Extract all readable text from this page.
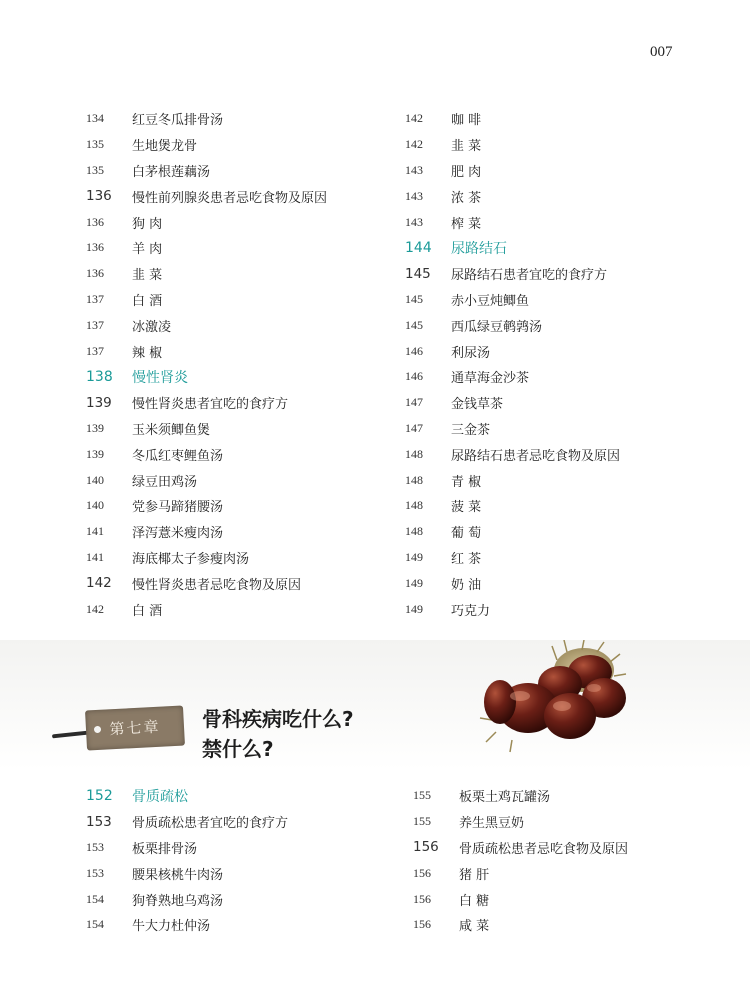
007
134	红豆冬瓜排骨汤
135	生地煲龙骨
135	白茅根莲藕汤
136	慢性前列腺炎患者忌吃食物及原因
136	狗 肉
136	羊 肉
136	韭 菜
137	白 酒
137	冰激凌
137	辣 椒
138	慢性肾炎
139	慢性肾炎患者宜吃的食疗方
139	玉米须鲫鱼煲
139	冬瓜红枣鲤鱼汤
140	绿豆田鸡汤
140	党参马蹄猪腰汤
141	泽泻薏米瘦肉汤
141	海底椰太子参瘦肉汤
142	慢性肾炎患者忌吃食物及原因
142	白 酒
142	咖 啡
142	韭 菜
143	肥 肉
143	浓 茶
143	榨 菜
144	尿路结石
145	尿路结石患者宜吃的食疗方
145	赤小豆炖鲫鱼
145	西瓜绿豆鹌鹑汤
146	利尿汤
146	通草海金沙茶
147	金钱草茶
147	三金茶
148	尿路结石患者忌吃食物及原因
148	青 椒
148	菠 菜
148	葡 萄
149	红 茶
149	奶 油
149	巧克力
第七章	骨科疾病吃什么?
禁什么?
152	骨质疏松
153	骨质疏松患者宜吃的食疗方
153	板栗排骨汤
153	腰果核桃牛肉汤
154	狗脊熟地乌鸡汤
154	牛大力杜仲汤
155	板栗土鸡瓦罐汤
155	养生黑豆奶
156	骨质疏松患者忌吃食物及原因
156	猪 肝
156	白 糖
156	咸 菜
